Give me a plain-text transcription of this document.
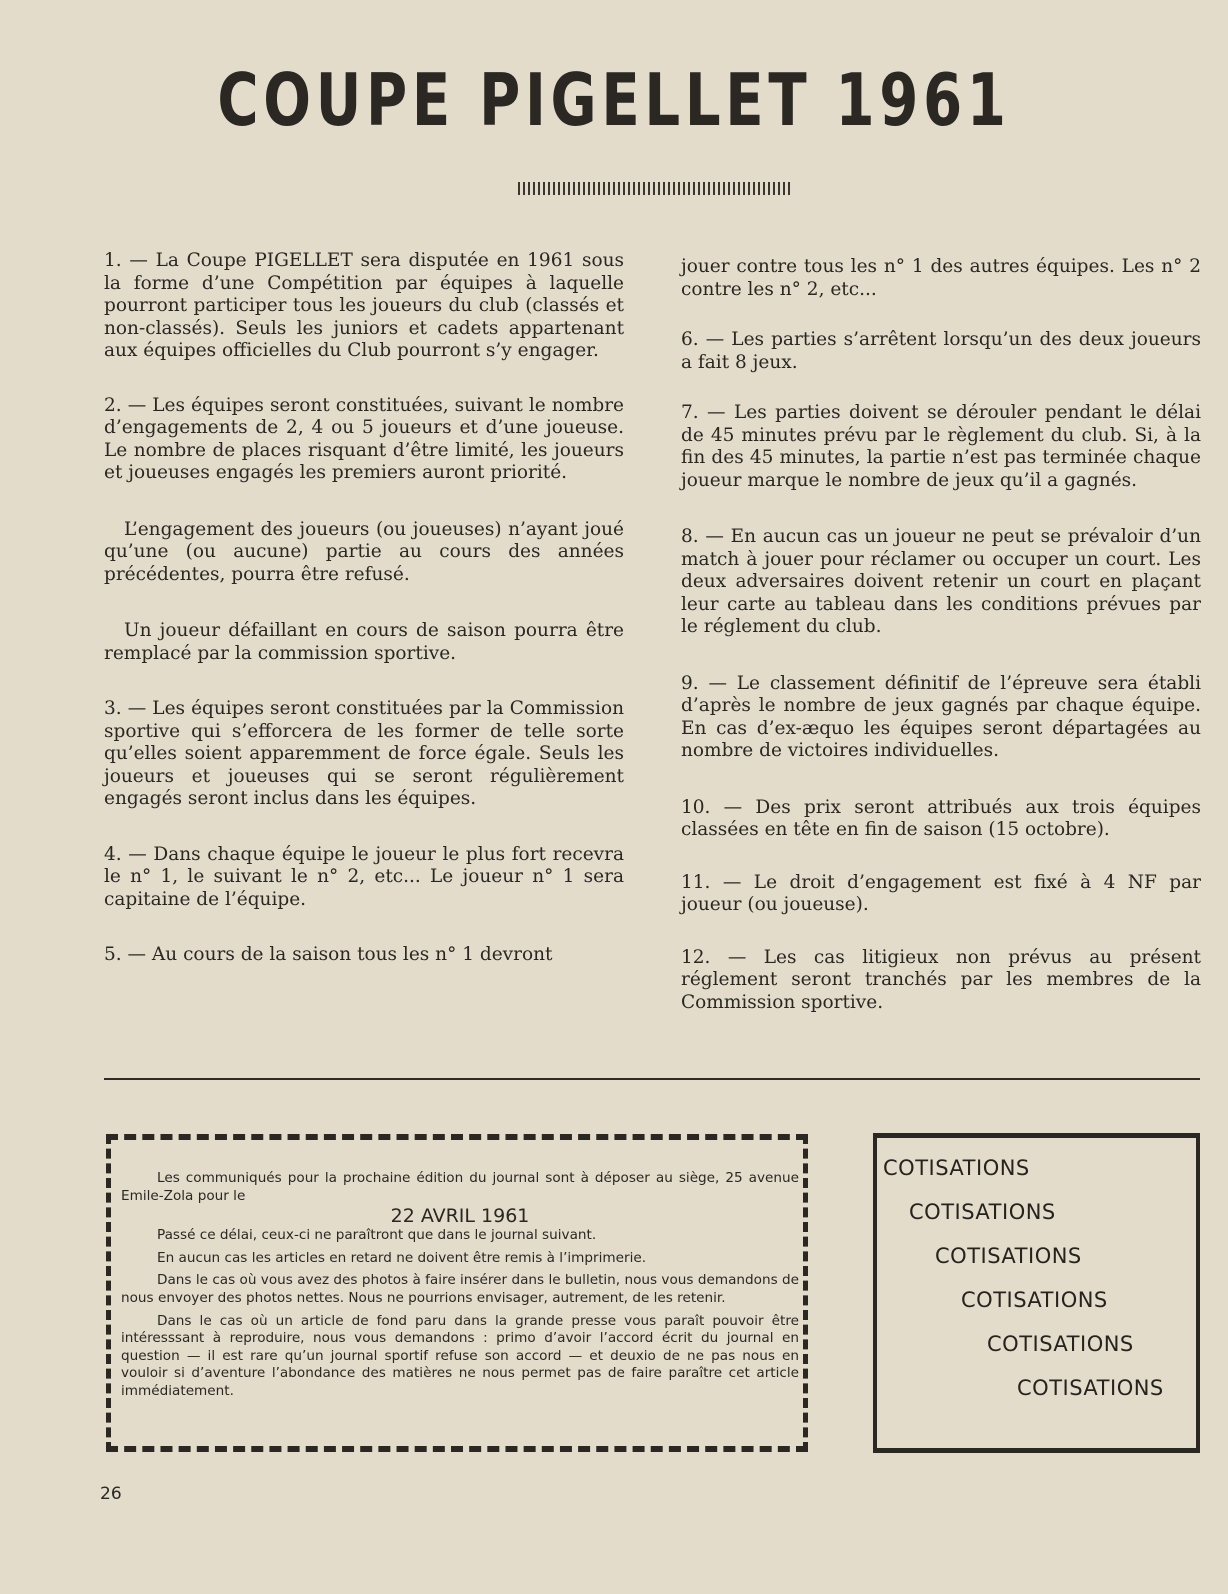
COUPE PIGELLET 1961

1. — La Coupe PIGELLET sera disputée en 1961 sous la forme d’une Compétition par équipes à laquelle pourront participer tous les joueurs du club (classés et non-classés). Seuls les juniors et cadets appartenant aux équipes officielles du Club pourront s’y engager.

2. — Les équipes seront constituées, suivant le nombre d’engagements de 2, 4 ou 5 joueurs et d’une joueuse. Le nombre de places risquant d’être limité, les joueurs et joueuses engagés les premiers auront priorité.

L’engagement des joueurs (ou joueuses) n’ayant joué qu’une (ou aucune) partie au cours des années précédentes, pourra être refusé.

Un joueur défaillant en cours de saison pourra être remplacé par la commission sportive.

3. — Les équipes seront constituées par la Commission sportive qui s’efforcera de les former de telle sorte qu’elles soient apparemment de force égale. Seuls les joueurs et joueuses qui se seront régulièrement engagés seront inclus dans les équipes.

4. — Dans chaque équipe le joueur le plus fort recevra le n° 1, le suivant le n° 2, etc... Le joueur n° 1 sera capitaine de l’équipe.

5. — Au cours de la saison tous les n° 1 devront

jouer contre tous les n° 1 des autres équipes. Les n° 2 contre les n° 2, etc...

6. — Les parties s’arrêtent lorsqu’un des deux joueurs a fait 8 jeux.

7. — Les parties doivent se dérouler pendant le délai de 45 minutes prévu par le règlement du club. Si, à la fin des 45 minutes, la partie n’est pas terminée chaque joueur marque le nombre de jeux qu’il a gagnés.

8. — En aucun cas un joueur ne peut se prévaloir d’un match à jouer pour réclamer ou occuper un court. Les deux adversaires doivent retenir un court en plaçant leur carte au tableau dans les conditions prévues par le réglement du club.

9. — Le classement définitif de l’épreuve sera établi d’après le nombre de jeux gagnés par chaque équipe. En cas d’ex-æquo les équipes seront départagées au nombre de victoires individuelles.

10. — Des prix seront attribués aux trois équipes classées en tête en fin de saison (15 octobre).

11. — Le droit d’engagement est fixé à 4 NF par joueur (ou joueuse).

12. — Les cas litigieux non prévus au présent réglement seront tranchés par les membres de la Commission sportive.

Les communiqués pour la prochaine édition du journal sont à déposer au siège, 25 avenue Emile-Zola pour le

22 AVRIL 1961

Passé ce délai, ceux-ci ne paraîtront que dans le journal suivant.

En aucun cas les articles en retard ne doivent être remis à l’imprimerie.

Dans le cas où vous avez des photos à faire insérer dans le bulletin, nous vous demandons de nous envoyer des photos nettes. Nous ne pourrions envisager, autrement, de les retenir.

Dans le cas où un article de fond paru dans la grande presse vous paraît pouvoir être intéresssant à reproduire, nous vous demandons : primo d’avoir l’accord écrit du journal en question — il est rare qu’un journal sportif refuse son accord — et deuxio de ne pas nous en vouloir si d’aventure l’abondance des matières ne nous permet pas de faire paraître cet article immédiatement.

COTISATIONS
COTISATIONS
COTISATIONS
COTISATIONS
COTISATIONS
COTISATIONS
26
